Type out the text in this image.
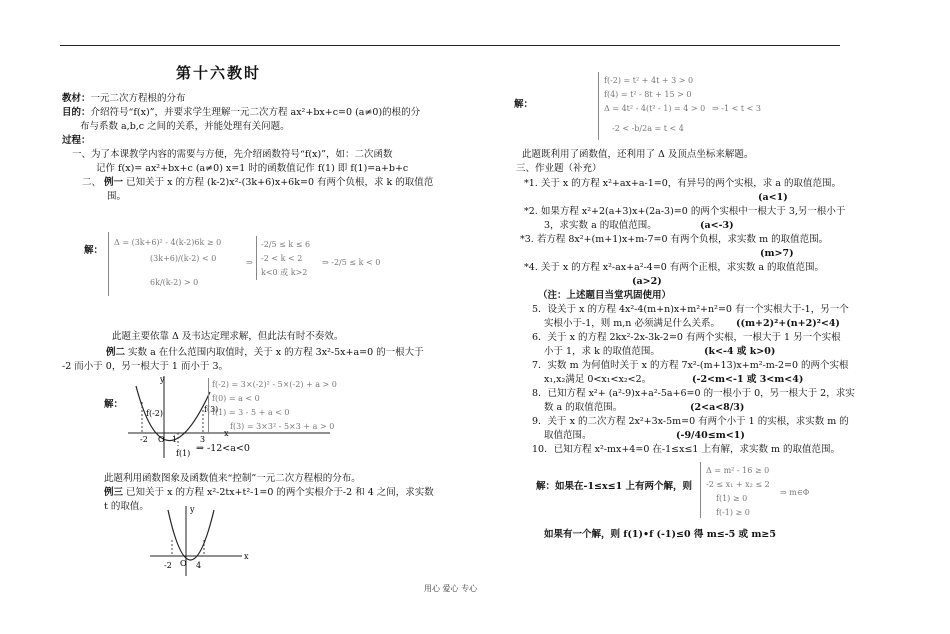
第十六教时
教材：一元二次方程根的分布
目的：介绍符号“f(x)”，并要求学生理解一元二次方程 ax²+bx+c=0 (a≠0)的根的分
布与系数 a,b,c 之间的关系，并能处理有关问题。
过程：
一、为了本课教学内容的需要与方便，先介绍函数符号“f(x)”，如：二次函数
记作 f(x)= ax²+bx+c (a≠0) x=1 时的函数值记作 f(1) 即 f(1)=a+b+c
二、 例一 已知关于 x 的方程 (k-2)x²-(3k+6)x+6k=0 有两个负根，求 k 的取值范
围。
解：
Δ = (3k+6)² - 4(k-2)6k ≥ 0
(3k+6)/(k-2) < 0
6k/(k-2) > 0
-2/5 ≤ k ≤ 6
-2 < k < 2
k<0 或 k>2
⇒	⇒ -2/5 ≤ k < 0
此题主要依靠 Δ 及韦达定理求解，但此法有时不奏效。
例二 实数 a 在什么范围内取值时，关于 x 的方程 3x²-5x+a=0 的一根大于
-2 而小于 0，另一根大于 1 而小于 3。
解：
y
f(-2)
-2 O 1	3
f(3)
x
f(1)
f(-2) = 3×(-2)² - 5×(-2) + a > 0
f(0) = a < 0
f(1) = 3 - 5 + a < 0
f(3) = 3×3² - 5×3 + a > 0
⇒ -12<a<0
此题利用函数图象及函数值来“控制”一元二次方程根的分布。
例三 已知关于 x 的方程 x²-2tx+t²-1=0 的两个实根介于-2 和 4 之间，求实数
t 的取值。	y
x
-2 O 4
解：
f(-2) = t² + 4t + 3 > 0
f(4) = t² - 8t + 15 > 0
Δ = 4t² - 4(t² - 1) = 4 > 0
-2 < -b/2a = t < 4
⇒ -1 < t < 3
此题既利用了函数值，还利用了 Δ 及顶点坐标来解题。
三、作业题（补充）
*1. 关于 x 的方程 x²+ax+a-1=0，有异号的两个实根，求 a 的取值范围。
(a<1)
*2. 如果方程 x²+2(a+3)x+(2a-3)=0 的两个实根中一根大于 3,另一根小于
3，求实数 a 的取值范围。	(a<-3)
*3. 若方程 8x²+(m+1)x+m-7=0 有两个负根，求实数 m 的取值范围。
(m>7)
*4. 关于 x 的方程 x²-ax+a²-4=0 有两个正根，求实数 a 的取值范围。
(a>2)
（注：上述题目当堂巩固使用）
5．设关于 x 的方程 4x²-4(m+n)x+m²+n²=0 有一个实根大于-1，另一个
实根小于-1，则 m,n 必须满足什么关系。 ((m+2)²+(n+2)²<4)
6．关于 x 的方程 2kx²-2x-3k-2=0 有两个实根，一根大于 1 另一个实根
小于 1，求 k 的取值范围。	(k<-4 或 k>0)
7．实数 m 为何值时关于 x 的方程 7x²-(m+13)x+m²-m-2=0 的两个实根
x₁,x₂满足 0<x₁<x₂<2。	(-2<m<-1 或 3<m<4)
8．已知方程 x²+ (a²-9)x+a²-5a+6=0 的一根小于 0，另一根大于 2，求实
数 a 的取值范围。	(2<a<8/3)
9．关于 x 的二次方程 2x²+3x-5m=0 有两个小于 1 的实根，求实数 m 的
取值范围。	(-9/40≤m<1)
10．已知方程 x²-mx+4=0 在-1≤x≤1 上有解，求实数 m 的取值范围。
解：如果在-1≤x≤1 上有两个解，则
Δ = m² - 16 ≥ 0
-2 ≤ x₁ + x₂ ≤ 2
f(1) ≥ 0
f(-1) ≥ 0
⇒ m∈Φ
如果有一个解，则 f(1)•f (-1)≤0 得 m≤-5 或 m≥5
用心 爱心 专心
